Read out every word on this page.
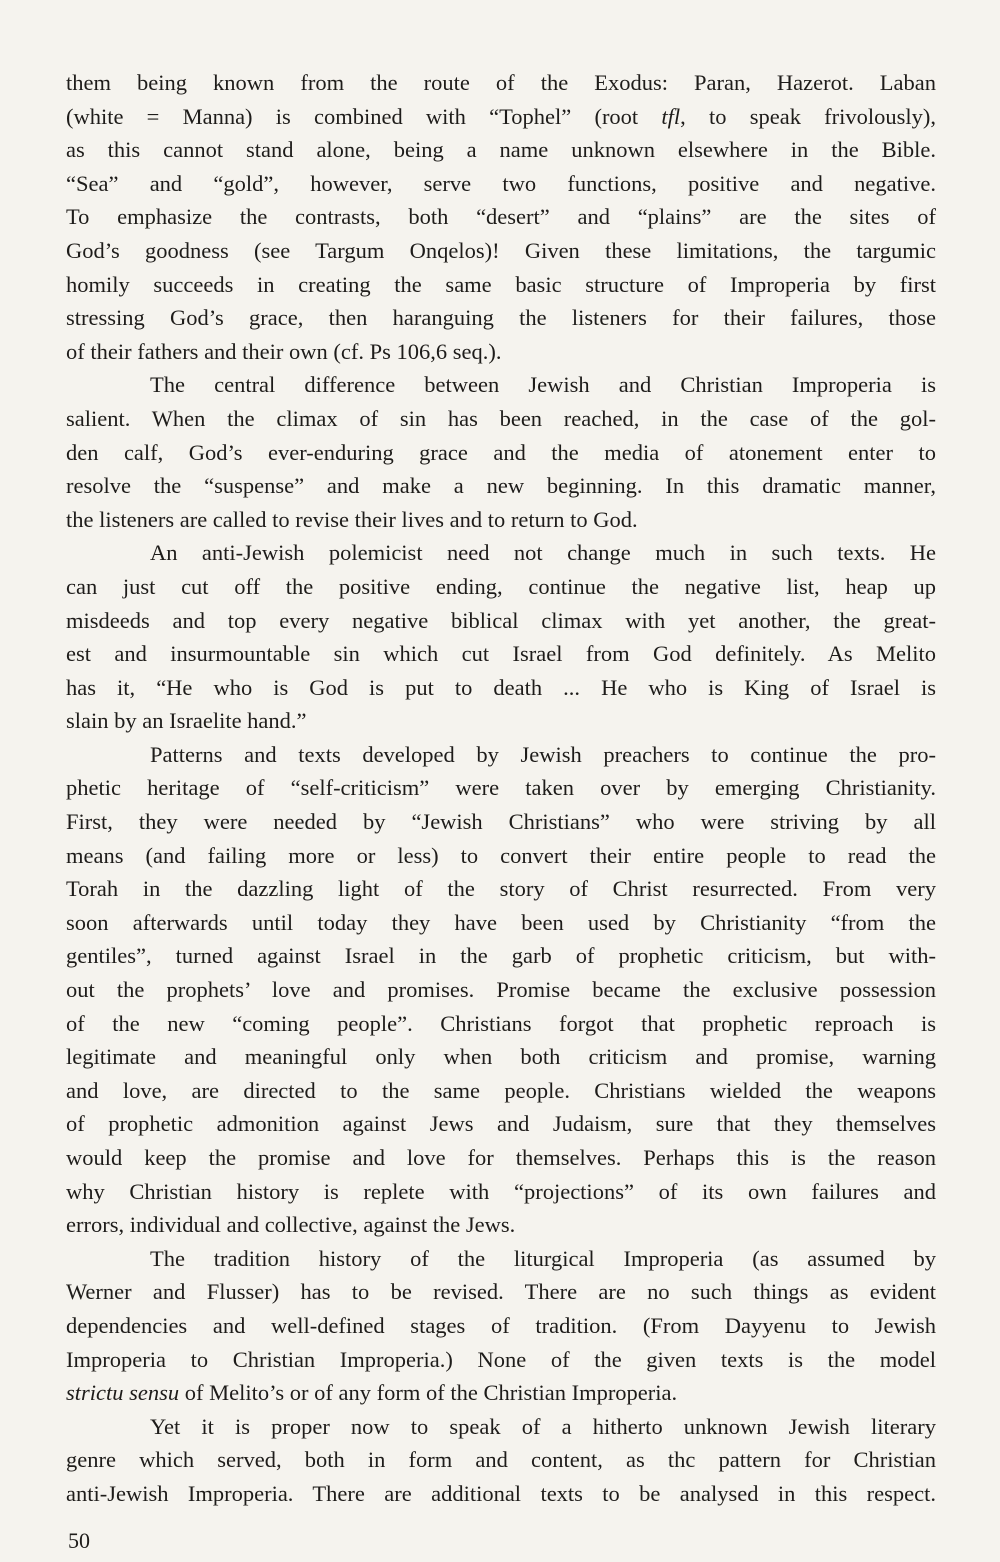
them being known from the route of the Exodus: Paran, Hazerot. Laban
(white = Manna) is combined with “Tophel” (root tfl, to speak frivolously),
as this cannot stand alone, being a name unknown elsewhere in the Bible.
“Sea” and “gold”, however, serve two functions, positive and negative.
To emphasize the contrasts, both “desert” and “plains” are the sites of
God’s goodness (see Targum Onqelos)! Given these limitations, the targumic
homily succeeds in creating the same basic structure of Improperia by first
stressing God’s grace, then haranguing the listeners for their failures, those
of their fathers and their own (cf. Ps 106,6 seq.).
The central difference between Jewish and Christian Improperia is
salient. When the climax of sin has been reached, in the case of the gol-
den calf, God’s ever-enduring grace and the media of atonement enter to
resolve the “suspense” and make a new beginning. In this dramatic manner,
the listeners are called to revise their lives and to return to God.
An anti-Jewish polemicist need not change much in such texts. He
can just cut off the positive ending, continue the negative list, heap up
misdeeds and top every negative biblical climax with yet another, the great-
est and insurmountable sin which cut Israel from God definitely. As Melito
has it, “He who is God is put to death ... He who is King of Israel is
slain by an Israelite hand.”
Patterns and texts developed by Jewish preachers to continue the pro-
phetic heritage of “self-criticism” were taken over by emerging Christianity.
First, they were needed by “Jewish Christians” who were striving by all
means (and failing more or less) to convert their entire people to read the
Torah in the dazzling light of the story of Christ resurrected. From very
soon afterwards until today they have been used by Christianity “from the
gentiles”, turned against Israel in the garb of prophetic criticism, but with-
out the prophets’ love and promises. Promise became the exclusive possession
of the new “coming people”. Christians forgot that prophetic reproach is
legitimate and meaningful only when both criticism and promise, warning
and love, are directed to the same people. Christians wielded the weapons
of prophetic admonition against Jews and Judaism, sure that they themselves
would keep the promise and love for themselves. Perhaps this is the reason
why Christian history is replete with “projections” of its own failures and
errors, individual and collective, against the Jews.
The tradition history of the liturgical Improperia (as assumed by
Werner and Flusser) has to be revised. There are no such things as evident
dependencies and well-defined stages of tradition. (From Dayyenu to Jewish
Improperia to Christian Improperia.) None of the given texts is the model
strictu sensu of Melito’s or of any form of the Christian Improperia.
Yet it is proper now to speak of a hitherto unknown Jewish literary
genre which served, both in form and content, as thc pattern for Christian
anti-Jewish Improperia. There are additional texts to be analysed in this respect.
50
